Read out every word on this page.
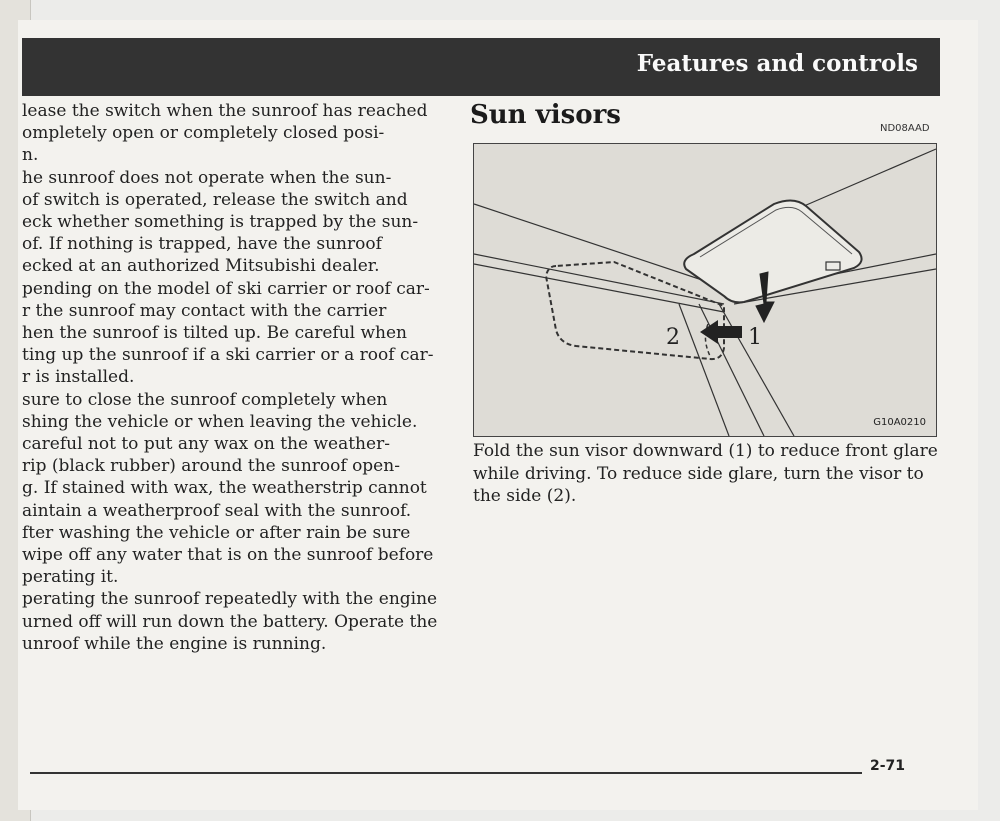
Features and controls

lease the switch when the sunroof has reached

ompletely open or completely closed posi-

n.

he sunroof does not operate when the sun-

of switch is operated, release the switch and

eck whether something is trapped by the sun-

of. If nothing is trapped, have the sunroof

ecked at an authorized Mitsubishi dealer.

pending on the model of ski carrier or roof car-

r the sunroof may contact with the carrier

hen the sunroof is tilted up. Be careful when

ting up the sunroof if a ski carrier or a roof car-

r is installed.

sure to close the sunroof completely when

shing the vehicle or when leaving the vehicle.

careful not to put any wax on the weather-

rip (black rubber) around the sunroof open-

g. If stained with wax, the weatherstrip cannot

aintain a weatherproof seal with the sunroof.

fter washing the vehicle or after rain be sure

wipe off any water that is on the sunroof before

perating it.

perating the sunroof repeatedly with the engine

urned off will run down the battery. Operate the

unroof while the engine is running.

Sun visors	ND08AAD
1
2
G10A0210

Fold the sun visor downward (1) to reduce front glare

while driving. To reduce side glare, turn the visor to

the side (2).

2-71
